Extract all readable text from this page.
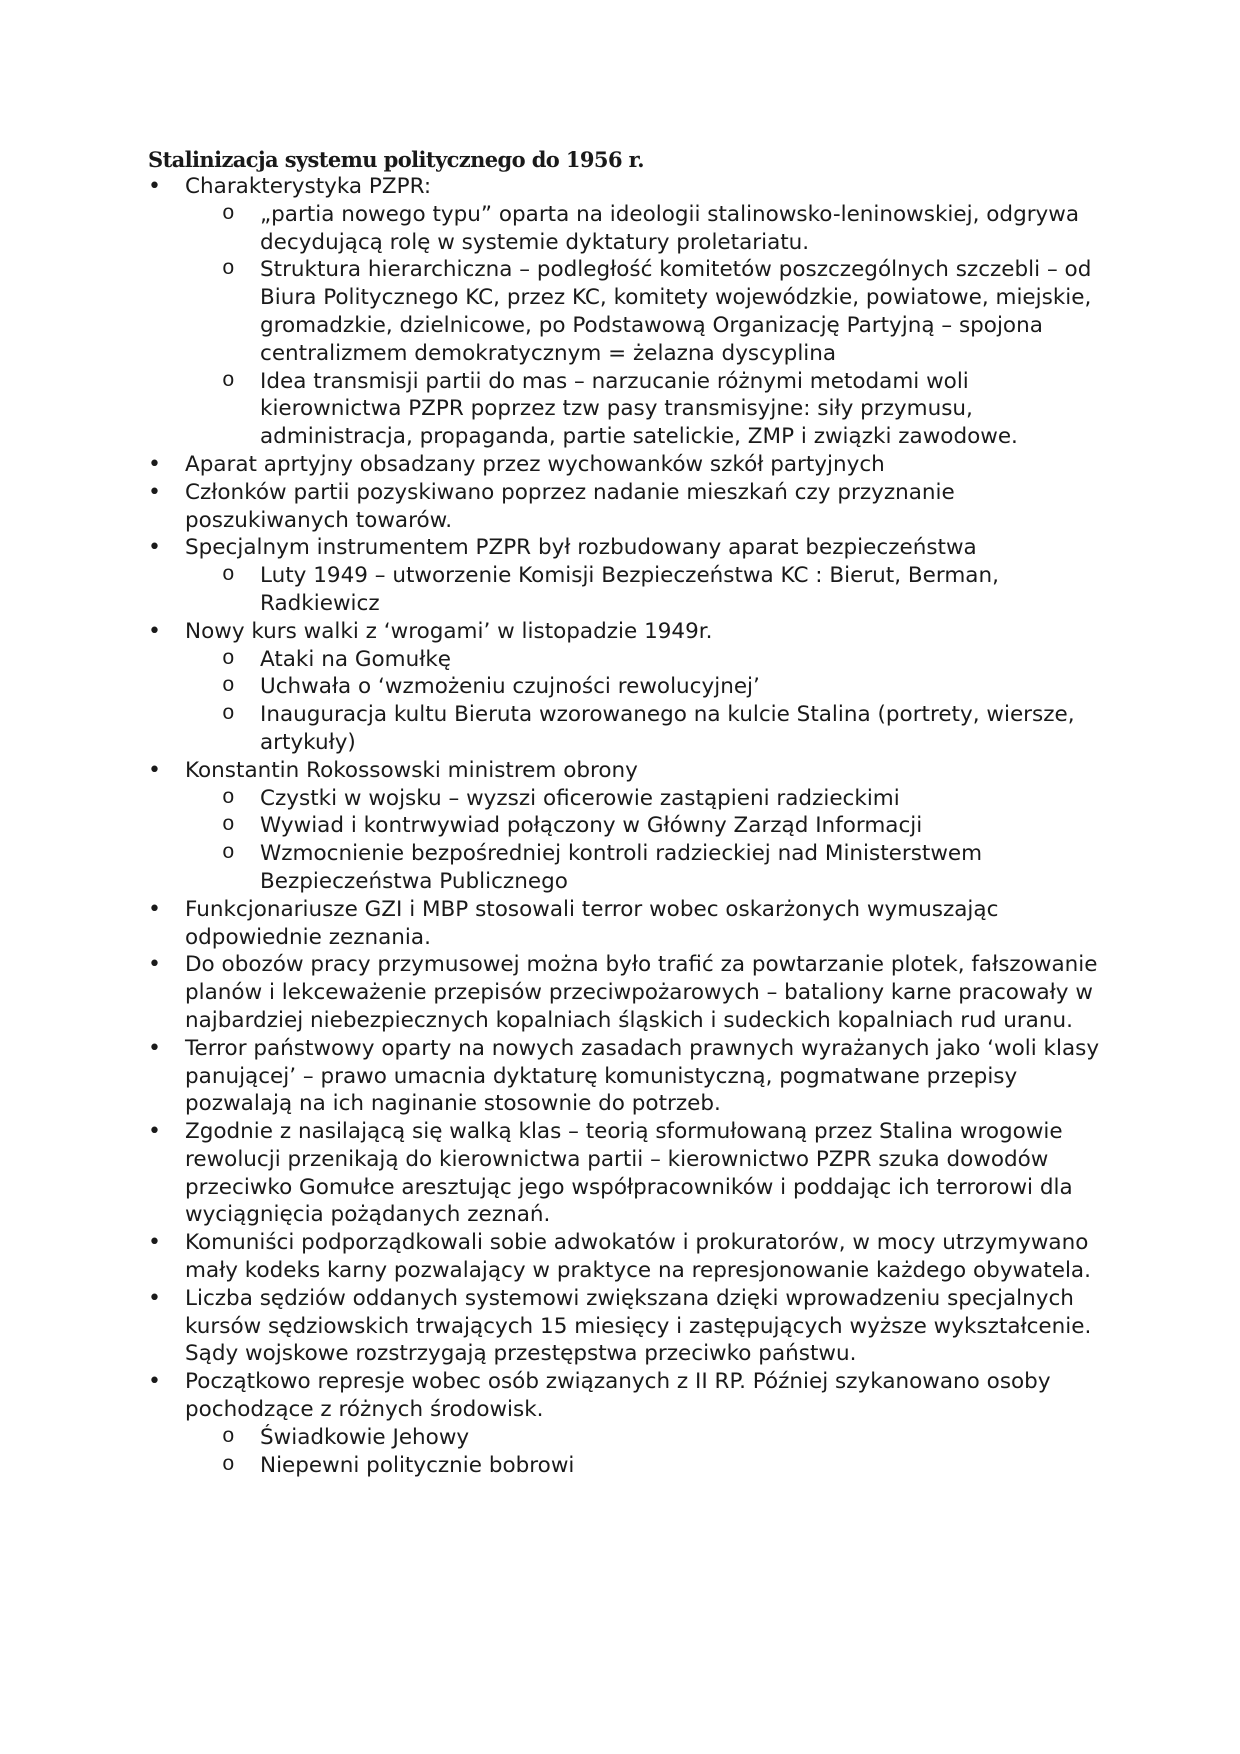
Stalinizacja systemu politycznego do 1956 r.

•	Charakterystyka PZPR:
o	„partia nowego typu” oparta na ideologii stalinowsko-leninowskiej, odgrywa decydującą rolę w systemie dyktatury proletariatu.
o	Struktura hierarchiczna – podległość komitetów poszczególnych szczebli – od Biura Politycznego KC, przez KC, komitety wojewódzkie, powiatowe, miejskie, gromadzkie, dzielnicowe, po Podstawową Organizację Partyjną – spojona centralizmem demokratycznym = żelazna dyscyplina
o	Idea transmisji partii do mas – narzucanie różnymi metodami woli kierownictwa PZPR poprzez tzw pasy transmisyjne: siły przymusu, administracja, propaganda, partie satelickie, ZMP i związki zawodowe.
•	Aparat aprtyjny obsadzany przez wychowanków szkół partyjnych
•	Członków partii pozyskiwano poprzez nadanie mieszkań czy przyznanie poszukiwanych towarów.
•	Specjalnym instrumentem PZPR był rozbudowany aparat bezpieczeństwa
o	Luty 1949 – utworzenie Komisji Bezpieczeństwa KC : Bierut, Berman, Radkiewicz
•	Nowy kurs walki z ‘wrogami’ w listopadzie 1949r.
o	Ataki na Gomułkę
o	Uchwała o ‘wzmożeniu czujności rewolucyjnej’
o	Inauguracja kultu Bieruta wzorowanego na kulcie Stalina (portrety, wiersze, artykuły)
•	Konstantin Rokossowski ministrem obrony
o	Czystki w wojsku – wyzszi oficerowie zastąpieni radzieckimi
o	Wywiad i kontrwywiad połączony w Główny Zarząd Informacji
o	Wzmocnienie bezpośredniej kontroli radzieckiej nad Ministerstwem Bezpieczeństwa Publicznego
•	Funkcjonariusze GZI i MBP stosowali terror wobec oskarżonych wymuszając odpowiednie zeznania.
•	Do obozów pracy przymusowej można było trafić za powtarzanie plotek, fałszowanie planów i lekceważenie przepisów przeciwpożarowych – bataliony karne pracowały w najbardziej niebezpiecznych kopalniach śląskich i sudeckich kopalniach rud uranu.
•	Terror państwowy oparty na nowych zasadach prawnych wyrażanych jako ‘woli klasy panującej’ – prawo umacnia dyktaturę komunistyczną, pogmatwane przepisy pozwalają na ich naginanie stosownie do potrzeb.
•	Zgodnie z nasilającą się walką klas – teorią sformułowaną przez Stalina wrogowie rewolucji przenikają do kierownictwa partii – kierownictwo PZPR szuka dowodów przeciwko Gomułce aresztując jego współpracowników i poddając ich terrorowi dla wyciągnięcia pożądanych zeznań.
•	Komuniści podporządkowali sobie adwokatów i prokuratorów, w mocy utrzymywano mały kodeks karny pozwalający w praktyce na represjonowanie każdego obywatela.
•	Liczba sędziów oddanych systemowi zwiększana dzięki wprowadzeniu specjalnych kursów sędziowskich trwających 15 miesięcy i zastępujących wyższe wykształcenie. Sądy wojskowe rozstrzygają przestępstwa przeciwko państwu.
•	Początkowo represje wobec osób związanych z II RP. Później szykanowano osoby pochodzące z różnych środowisk.
o	Świadkowie Jehowy
o	Niepewni politycznie bobrowi
